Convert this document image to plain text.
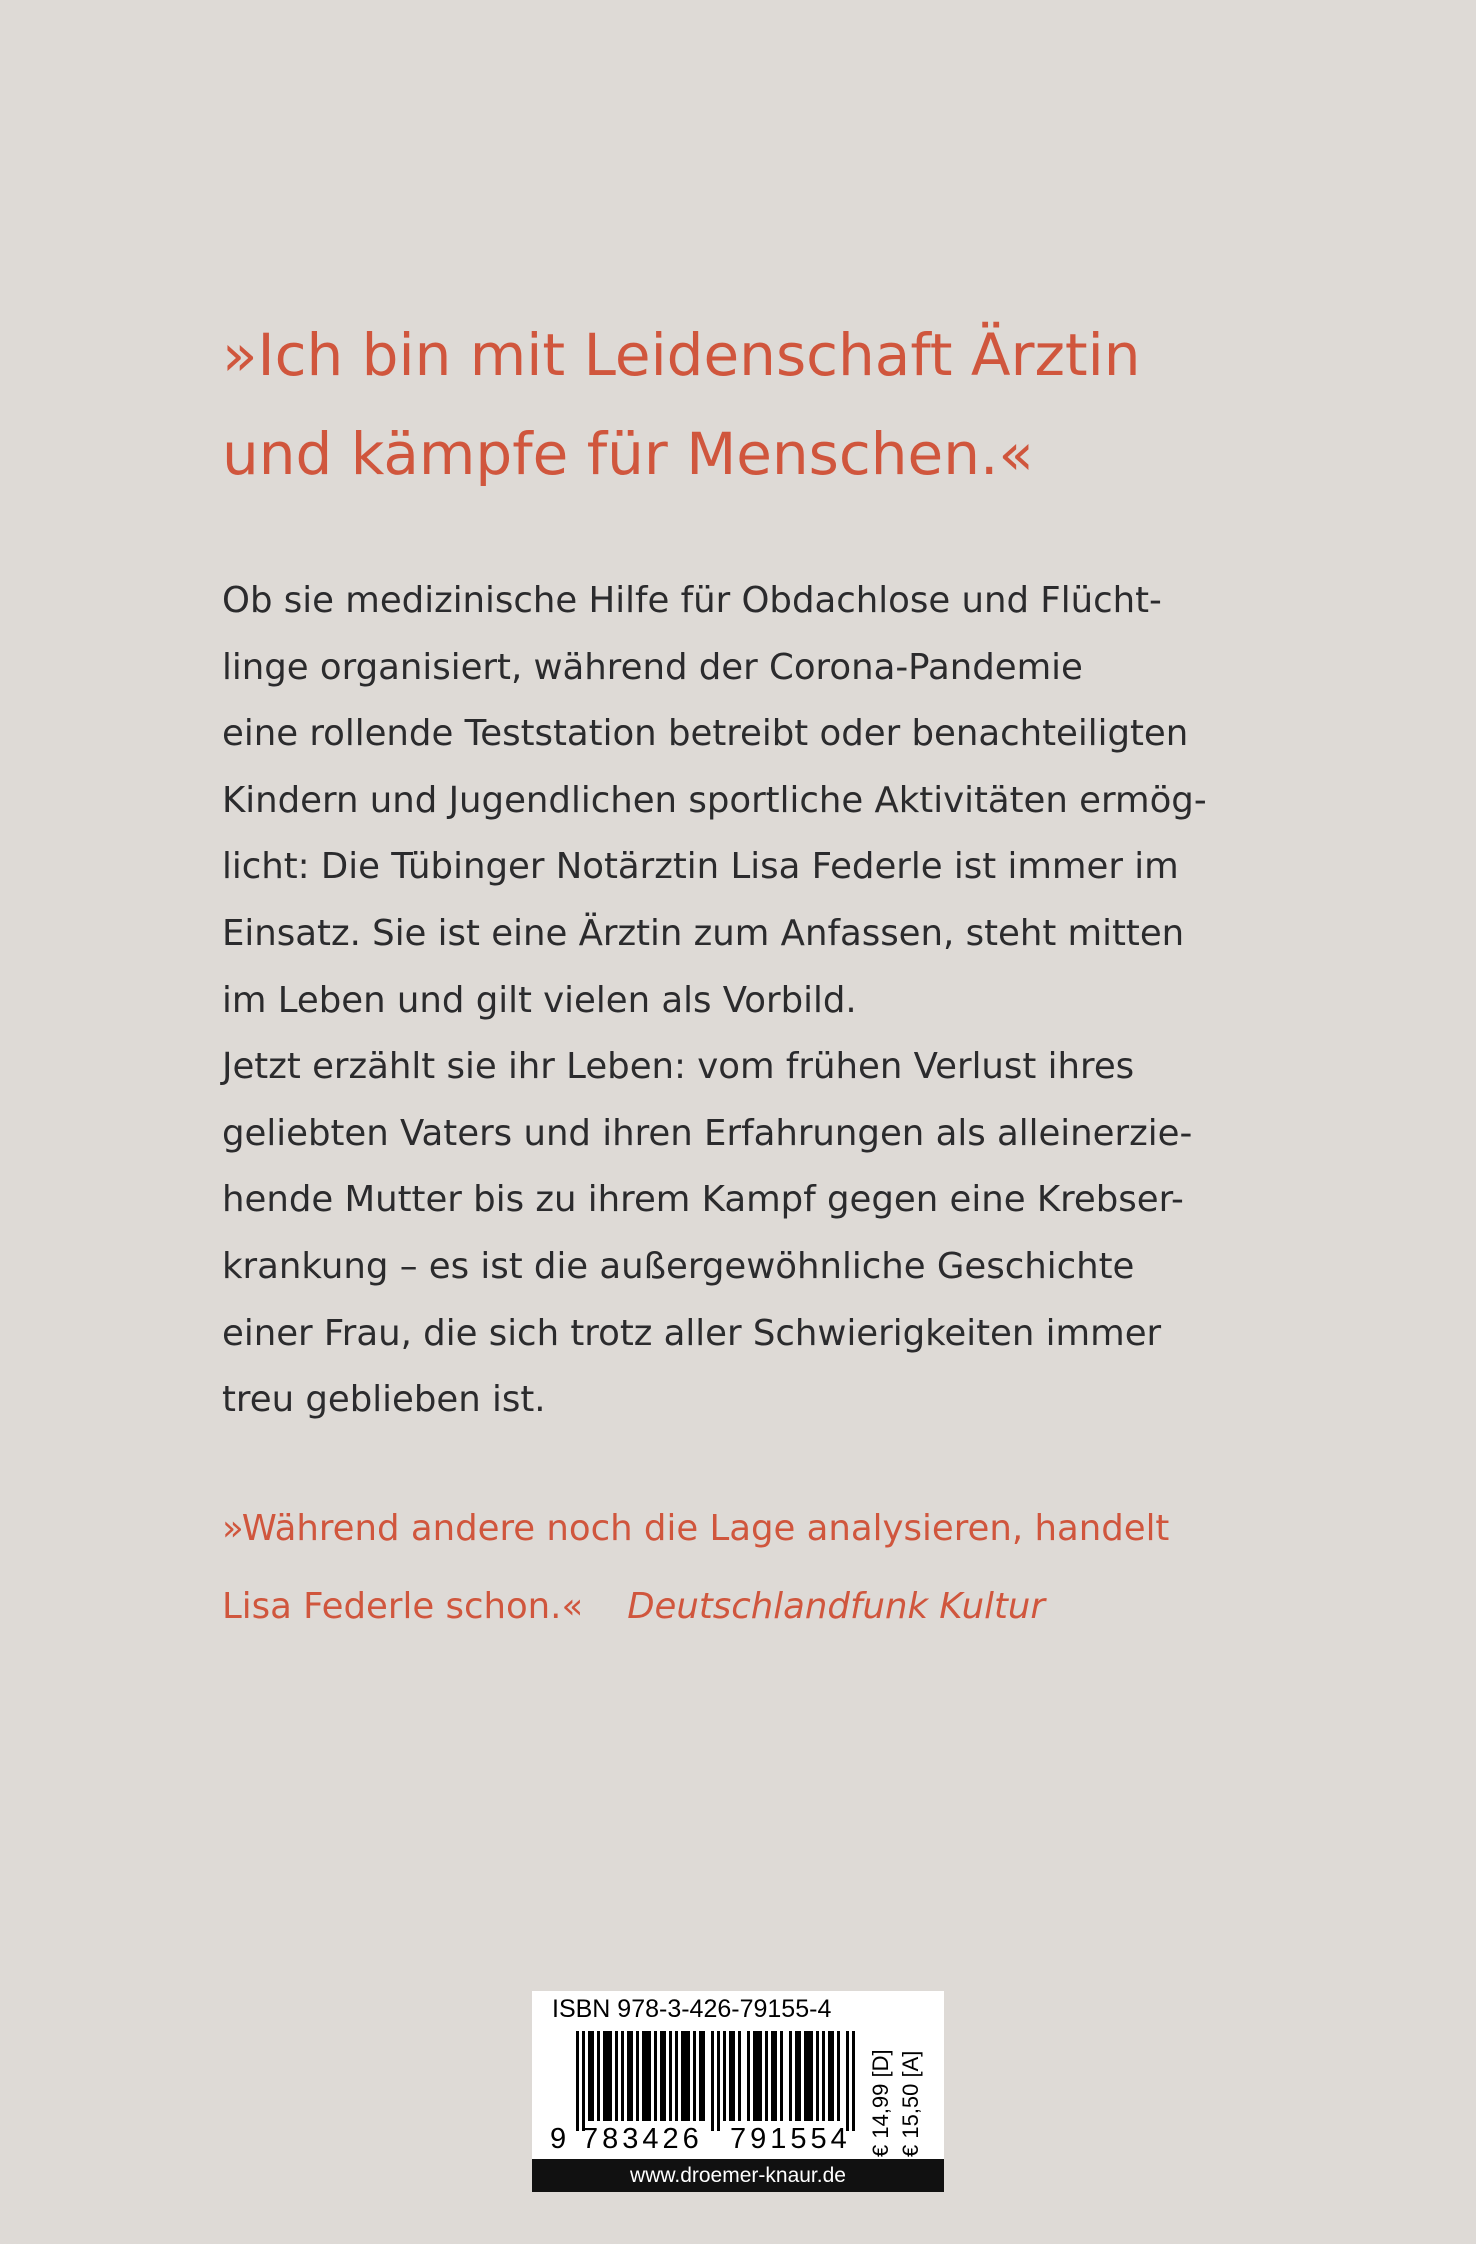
»Ich bin mit Leidenschaft Ärztin
und kämpfe für Menschen.«
Ob sie medizinische Hilfe für Obdachlose und Flücht-
linge organisiert, während der Corona-Pandemie
eine rollende Teststation betreibt oder benachteiligten
Kindern und Jugendlichen sportliche Aktivitäten ermög-
licht: Die Tübinger Notärztin Lisa Federle ist immer im
Einsatz. Sie ist eine Ärztin zum Anfassen, steht mitten
im Leben und gilt vielen als Vorbild.
Jetzt erzählt sie ihr Leben: vom frühen Verlust ihres
geliebten Vaters und ihren Erfahrungen als alleinerzie-
hende Mutter bis zu ihrem Kampf gegen eine Krebser-
krankung – es ist die außergewöhnliche Geschichte
einer Frau, die sich trotz aller Schwierigkeiten immer
treu geblieben ist.
»Während andere noch die Lage analysieren, handelt
Lisa Federle schon.« Deutschlandfunk Kultur
ISBN 978-3-426-79155-4
9 783426 791554 € 14,99 [D] € 15,50 [A]
www.droemer-knaur.de
